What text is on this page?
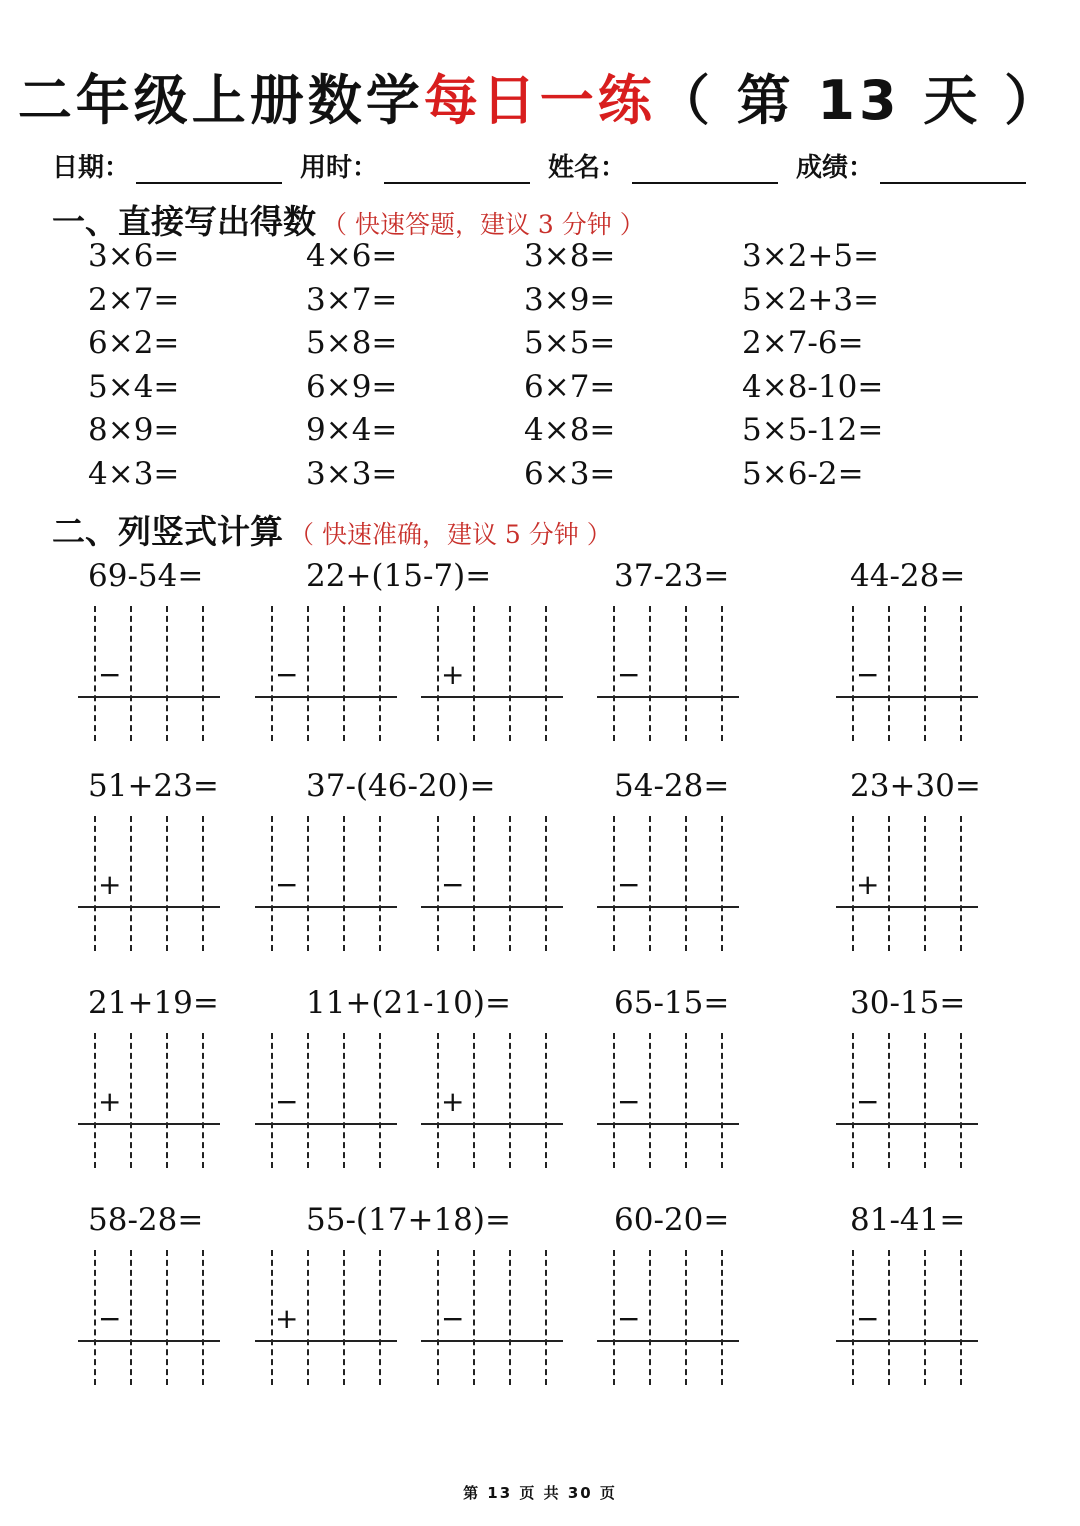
二年级上册数学每日一练（ 第 13 天 ）
日期：	用时：	姓名：	成绩：
一、直接写出得数 （ 快速答题，建议 3 分钟 ）
3×6=	4×6=	3×8=	3×2+5=
2×7=	3×7=	3×9=	5×2+3=
6×2=	5×8=	5×5=	2×7-6=
5×4=	6×9=	6×7=	4×8-10=
8×9=	9×4=	4×8=	5×5-12=
4×3=	3×3=	6×3=	5×6-2=
二、列竖式计算 （ 快速准确，建议 5 分钟 ）
69-54=	22+(15-7)=	37-23=	44-28=
−	−	+	−	−
51+23=	37-(46-20)=	54-28=	23+30=
+	−	−	−	+
21+19=	11+(21-10)=	65-15=	30-15=
+	−	+	−	−
58-28=	55-(17+18)=	60-20=	81-41=
−	+	−	−	−
第 13 页 共 30 页
